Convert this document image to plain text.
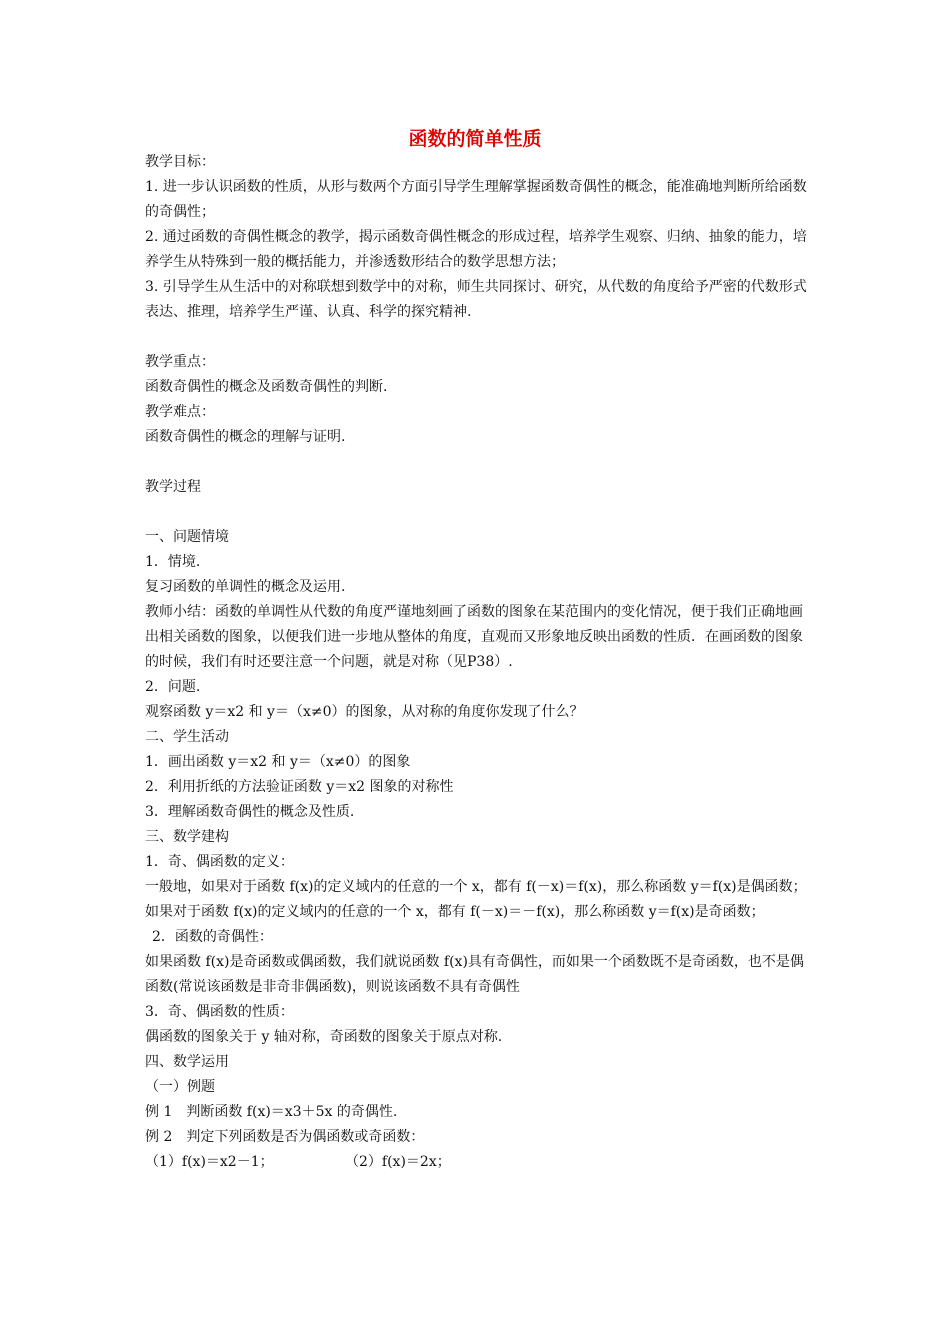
函数的简单性质

教学目标：

1. 进一步认识函数的性质，从形与数两个方面引导学生理解掌握函数奇偶性的概念，能准确地判断所给函数的奇偶性；

2. 通过函数的奇偶性概念的教学，揭示函数奇偶性概念的形成过程，培养学生观察、归纳、抽象的能力，培养学生从特殊到一般的概括能力，并渗透数形结合的数学思想方法；

3. 引导学生从生活中的对称联想到数学中的对称，师生共同探讨、研究，从代数的角度给予严密的代数形式表达、推理，培养学生严谨、认真、科学的探究精神.

教学重点：

函数奇偶性的概念及函数奇偶性的判断.

教学难点：

函数奇偶性的概念的理解与证明.

教学过程

一、问题情境

1．情境.

复习函数的单调性的概念及运用.

教师小结：函数的单调性从代数的角度严谨地刻画了函数的图象在某范围内的变化情况，便于我们正确地画出相关函数的图象，以便我们进一步地从整体的角度，直观而又形象地反映出函数的性质．在画函数的图象的时候，我们有时还要注意一个问题，就是对称（见P38）.

2．问题.

观察函数 y＝x2 和 y＝（x≠0）的图象，从对称的角度你发现了什么？

二、学生活动

1．画出函数 y＝x2 和 y＝（x≠0）的图象

2．利用折纸的方法验证函数 y＝x2 图象的对称性

3．理解函数奇偶性的概念及性质.

三、数学建构

1．奇、偶函数的定义：

一般地，如果对于函数 f(x)的定义域内的任意的一个 x，都有 f(－x)＝f(x)，那么称函数 y＝f(x)是偶函数；

如果对于函数 f(x)的定义域内的任意的一个 x，都有 f(－x)＝－f(x)，那么称函数 y＝f(x)是奇函数；

2．函数的奇偶性：

如果函数 f(x)是奇函数或偶函数，我们就说函数 f(x)具有奇偶性，而如果一个函数既不是奇函数，也不是偶函数(常说该函数是非奇非偶函数)，则说该函数不具有奇偶性

3．奇、偶函数的性质：

偶函数的图象关于 y 轴对称，奇函数的图象关于原点对称.

四、数学运用

（一）例题

例 1　判断函数 f(x)＝x3＋5x 的奇偶性.

例 2　判定下列函数是否为偶函数或奇函数：

（1）f(x)＝x2－1；	（2）f(x)＝2x；
